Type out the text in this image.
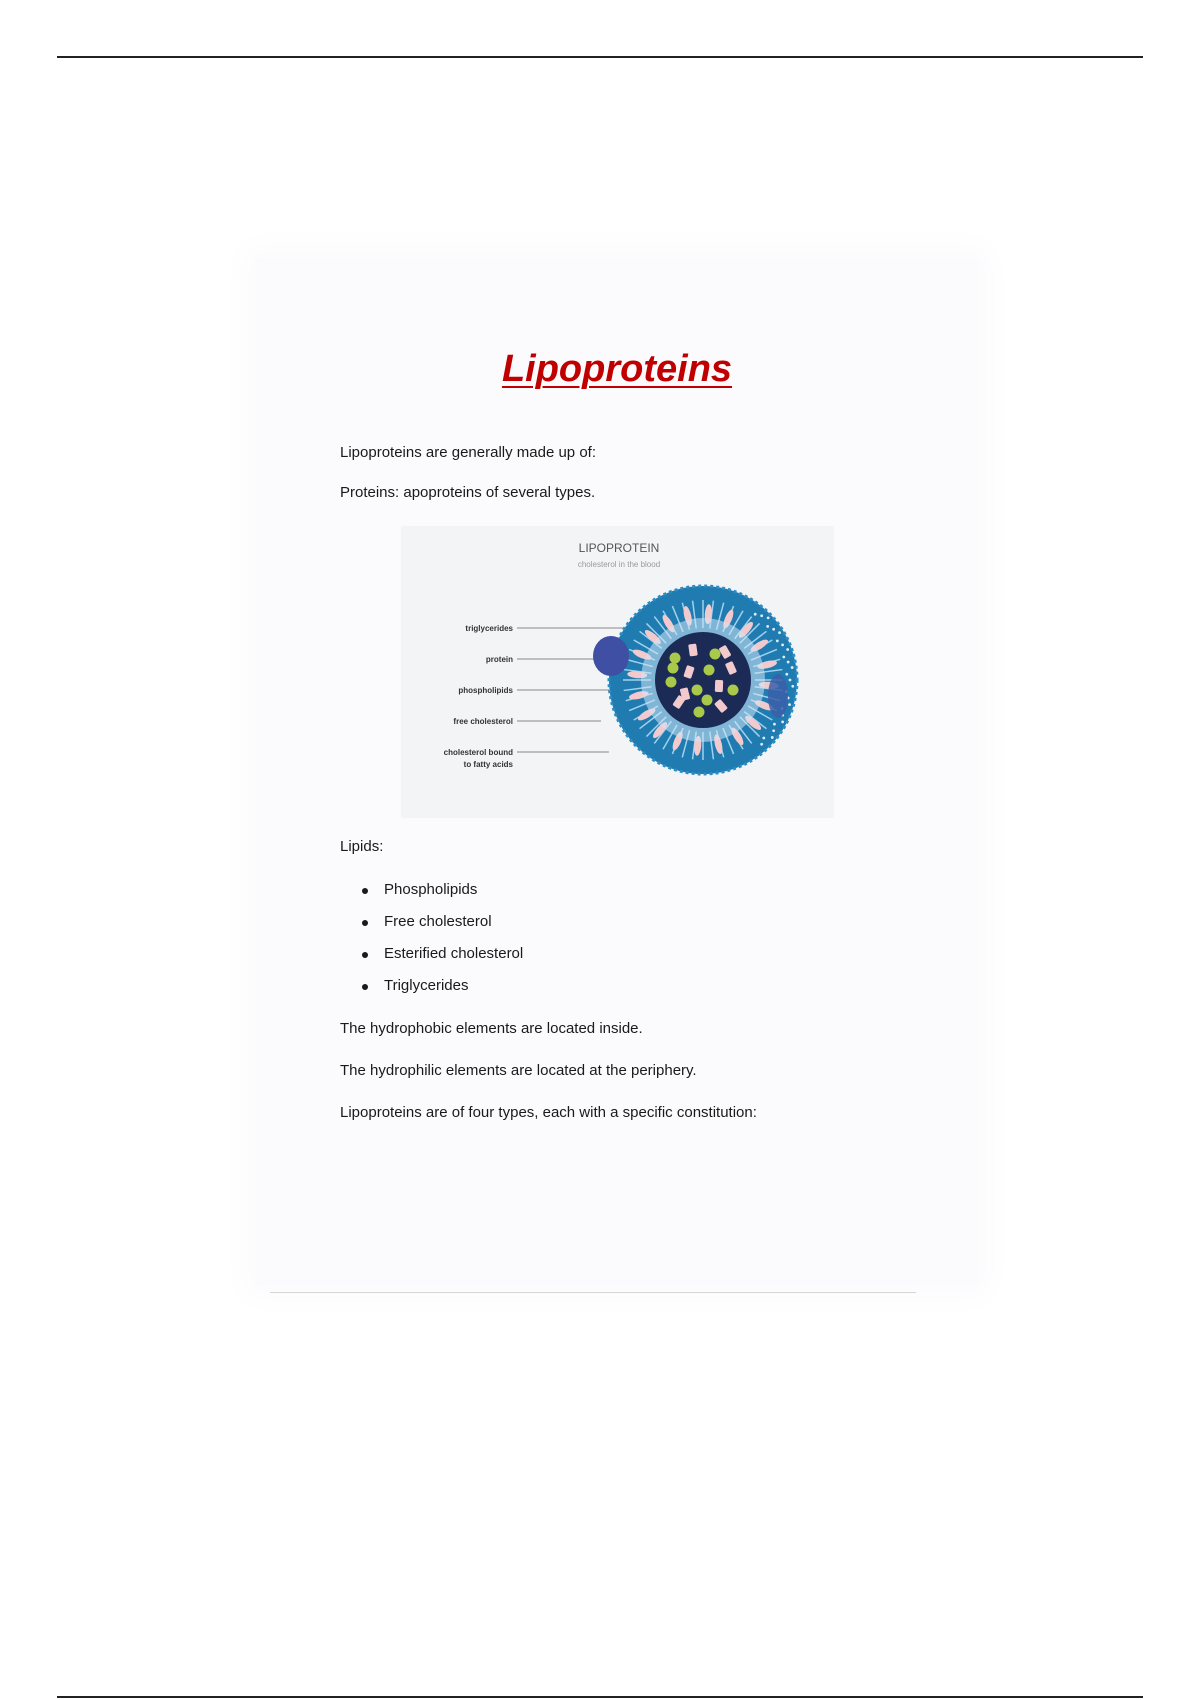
Lipoproteins

Lipoproteins are generally made up of:

Proteins: apoproteins of several types.

LIPOPROTEIN
cholesterol in the blood
triglycerides
protein
phospholipids
free cholesterol
cholesterol bound
to fatty acids

Lipids:

Phospholipids
Free cholesterol
Esterified cholesterol
Triglycerides

The hydrophobic elements are located inside.

The hydrophilic elements are located at the periphery.

Lipoproteins are of four types, each with a specific constitution:
